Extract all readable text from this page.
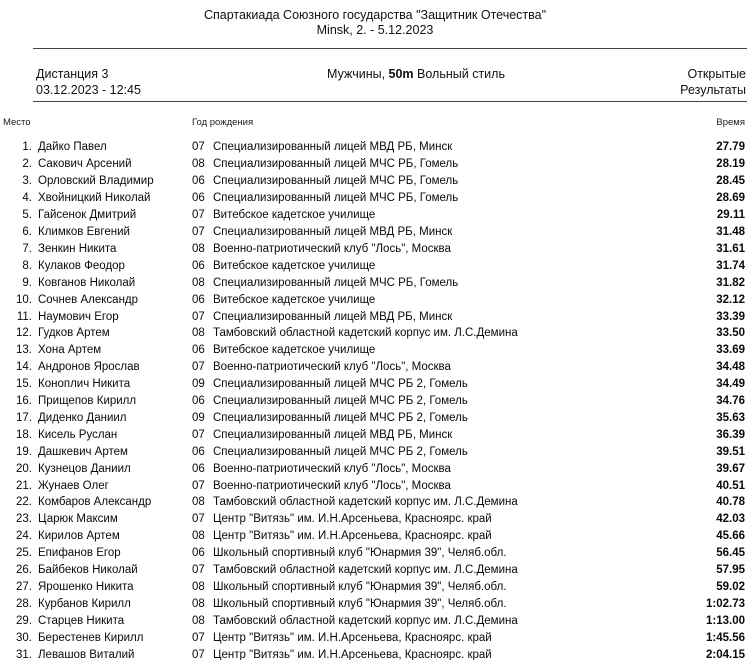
Спартакиада Союзного государства "Защитник Отечества"
Minsk, 2. - 5.12.2023
Дистанция 3
03.12.2023 - 12:45
Мужчины, 50m Вольный стиль	Открытые
Результаты
Место	Год рождения	Время
1. Дайко Павел	07 Специализированный лицей МВД РБ, Минск	27.79
2. Сакович Арсений	08 Специализированный лицей МЧС РБ, Гомель	28.19
3. Орловский Владимир	06 Специализированный лицей МЧС РБ, Гомель	28.45
4. Хвойницкий Николай	06 Специализированный лицей МЧС РБ, Гомель	28.69
5. Гайсенок Дмитрий	07 Витебское кадетское училище	29.11
6. Климков Евгений	07 Специализированный лицей МВД РБ, Минск	31.48
7. Зенкин Никита	08 Военно-патриотический клуб "Лось", Москва	31.61
8. Кулаков Феодор	06 Витебское кадетское училище	31.74
9. Ковганов Николай	08 Специализированный лицей МЧС РБ, Гомель	31.82
10. Сочнев Александр	06 Витебское кадетское училище	32.12
11. Наумович Егор	07 Специализированный лицей МВД РБ, Минск	33.39
12. Гудков Артем	08 Тамбовский областной кадетский корпус им. Л.С.Демина	33.50
13. Хона Артем	06 Витебское кадетское училище	33.69
14. Андронов Ярослав	07 Военно-патриотический клуб "Лось", Москва	34.48
15. Коноплич Никита	09 Специализированный лицей МЧС РБ 2, Гомель	34.49
16. Прищепов Кирилл	06 Специализированный лицей МЧС РБ 2, Гомель	34.76
17. Диденко Даниил	09 Специализированный лицей МЧС РБ 2, Гомель	35.63
18. Кисель Руслан	07 Специализированный лицей МВД РБ, Минск	36.39
19. Дашкевич Артем	06 Специализированный лицей МЧС РБ 2, Гомель	39.51
20. Кузнецов Даниил	06 Военно-патриотический клуб "Лось", Москва	39.67
21. Жунаев Олег	07 Военно-патриотический клуб "Лось", Москва	40.51
22. Комбаров Александр	08 Тамбовский областной кадетский корпус им. Л.С.Демина	40.78
23. Царюк Максим	07 Центр "Витязь" им. И.Н.Арсеньева, Красноярс. край	42.03
24. Кирилов Артем	08 Центр "Витязь" им. И.Н.Арсеньева, Красноярс. край	45.66
25. Епифанов Егор	06 Школьный спортивный клуб "Юнармия 39", Челяб.обл.	56.45
26. Байбеков Николай	07 Тамбовский областной кадетский корпус им. Л.С.Демина	57.95
27. Ярошенко Никита	08 Школьный спортивный клуб "Юнармия 39", Челяб.обл.	59.02
28. Курбанов Кирилл	08 Школьный спортивный клуб "Юнармия 39", Челяб.обл.	1:02.73
29. Старцев Никита	08 Тамбовский областной кадетский корпус им. Л.С.Демина	1:13.00
30. Берестенев Кирилл	07 Центр "Витязь" им. И.Н.Арсеньева, Красноярс. край	1:45.56
31. Левашов Виталий	07 Центр "Витязь" им. И.Н.Арсеньева, Красноярс. край	2:04.15
